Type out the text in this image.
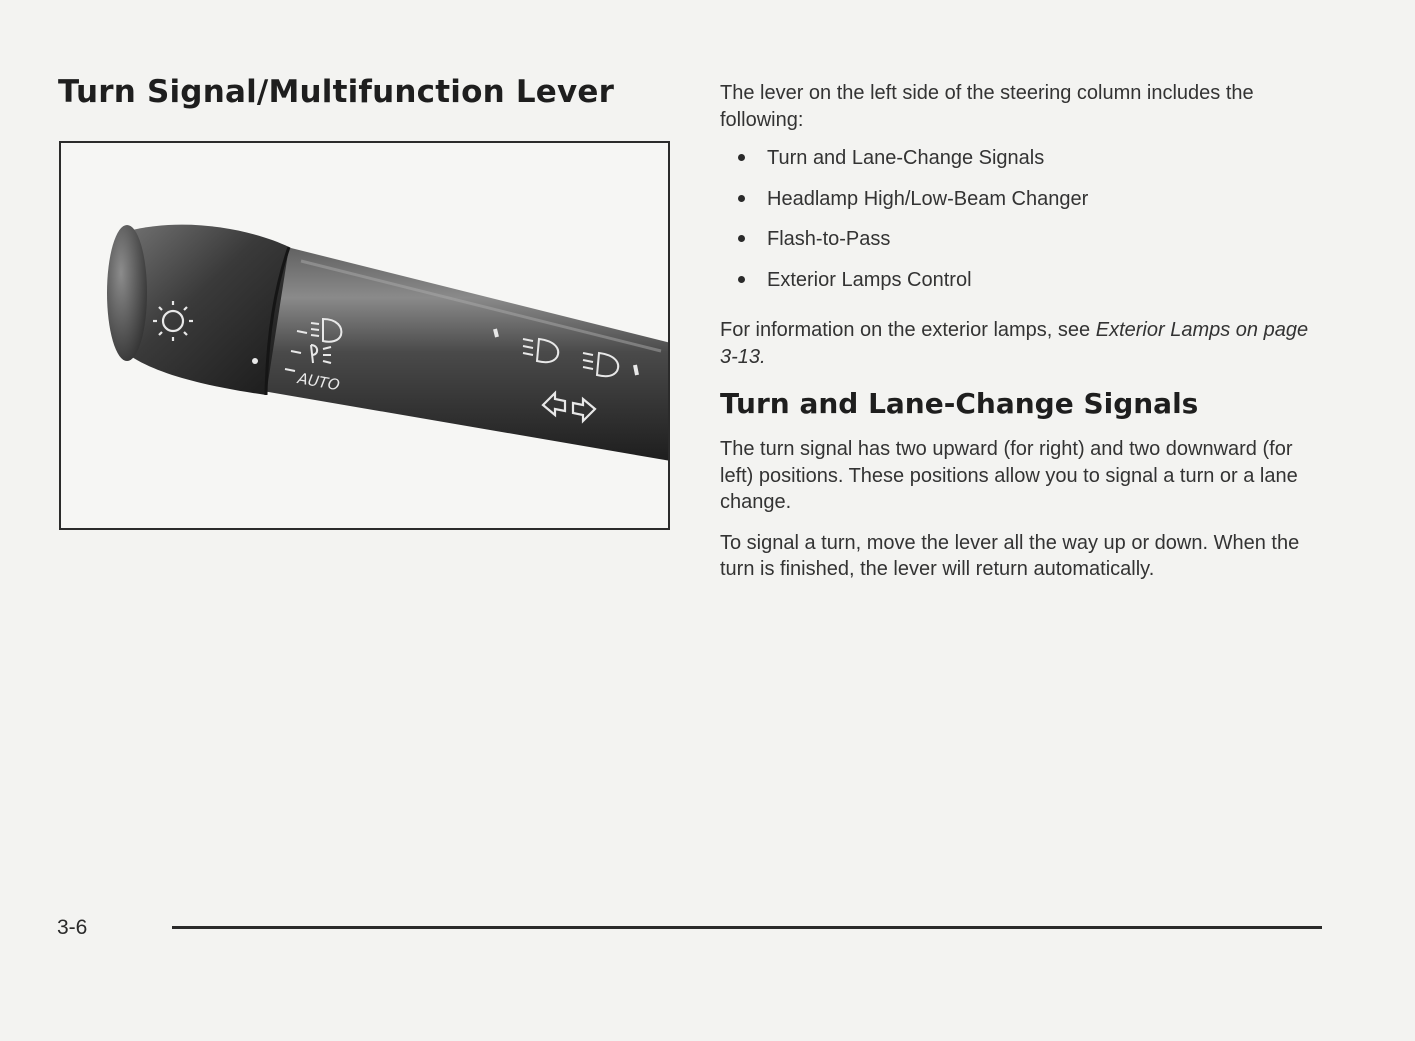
Turn Signal/Multifunction Lever
AUTO

The lever on the left side of the steering column includes the following:

Turn and Lane-Change Signals
Headlamp High/Low-Beam Changer
Flash-to-Pass
Exterior Lamps Control

For information on the exterior lamps, see Exterior Lamps on page 3-13.

Turn and Lane-Change Signals

The turn signal has two upward (for right) and two downward (for left) positions. These positions allow you to signal a turn or a lane change.

To signal a turn, move the lever all the way up or down. When the turn is finished, the lever will return automatically.

3-6
